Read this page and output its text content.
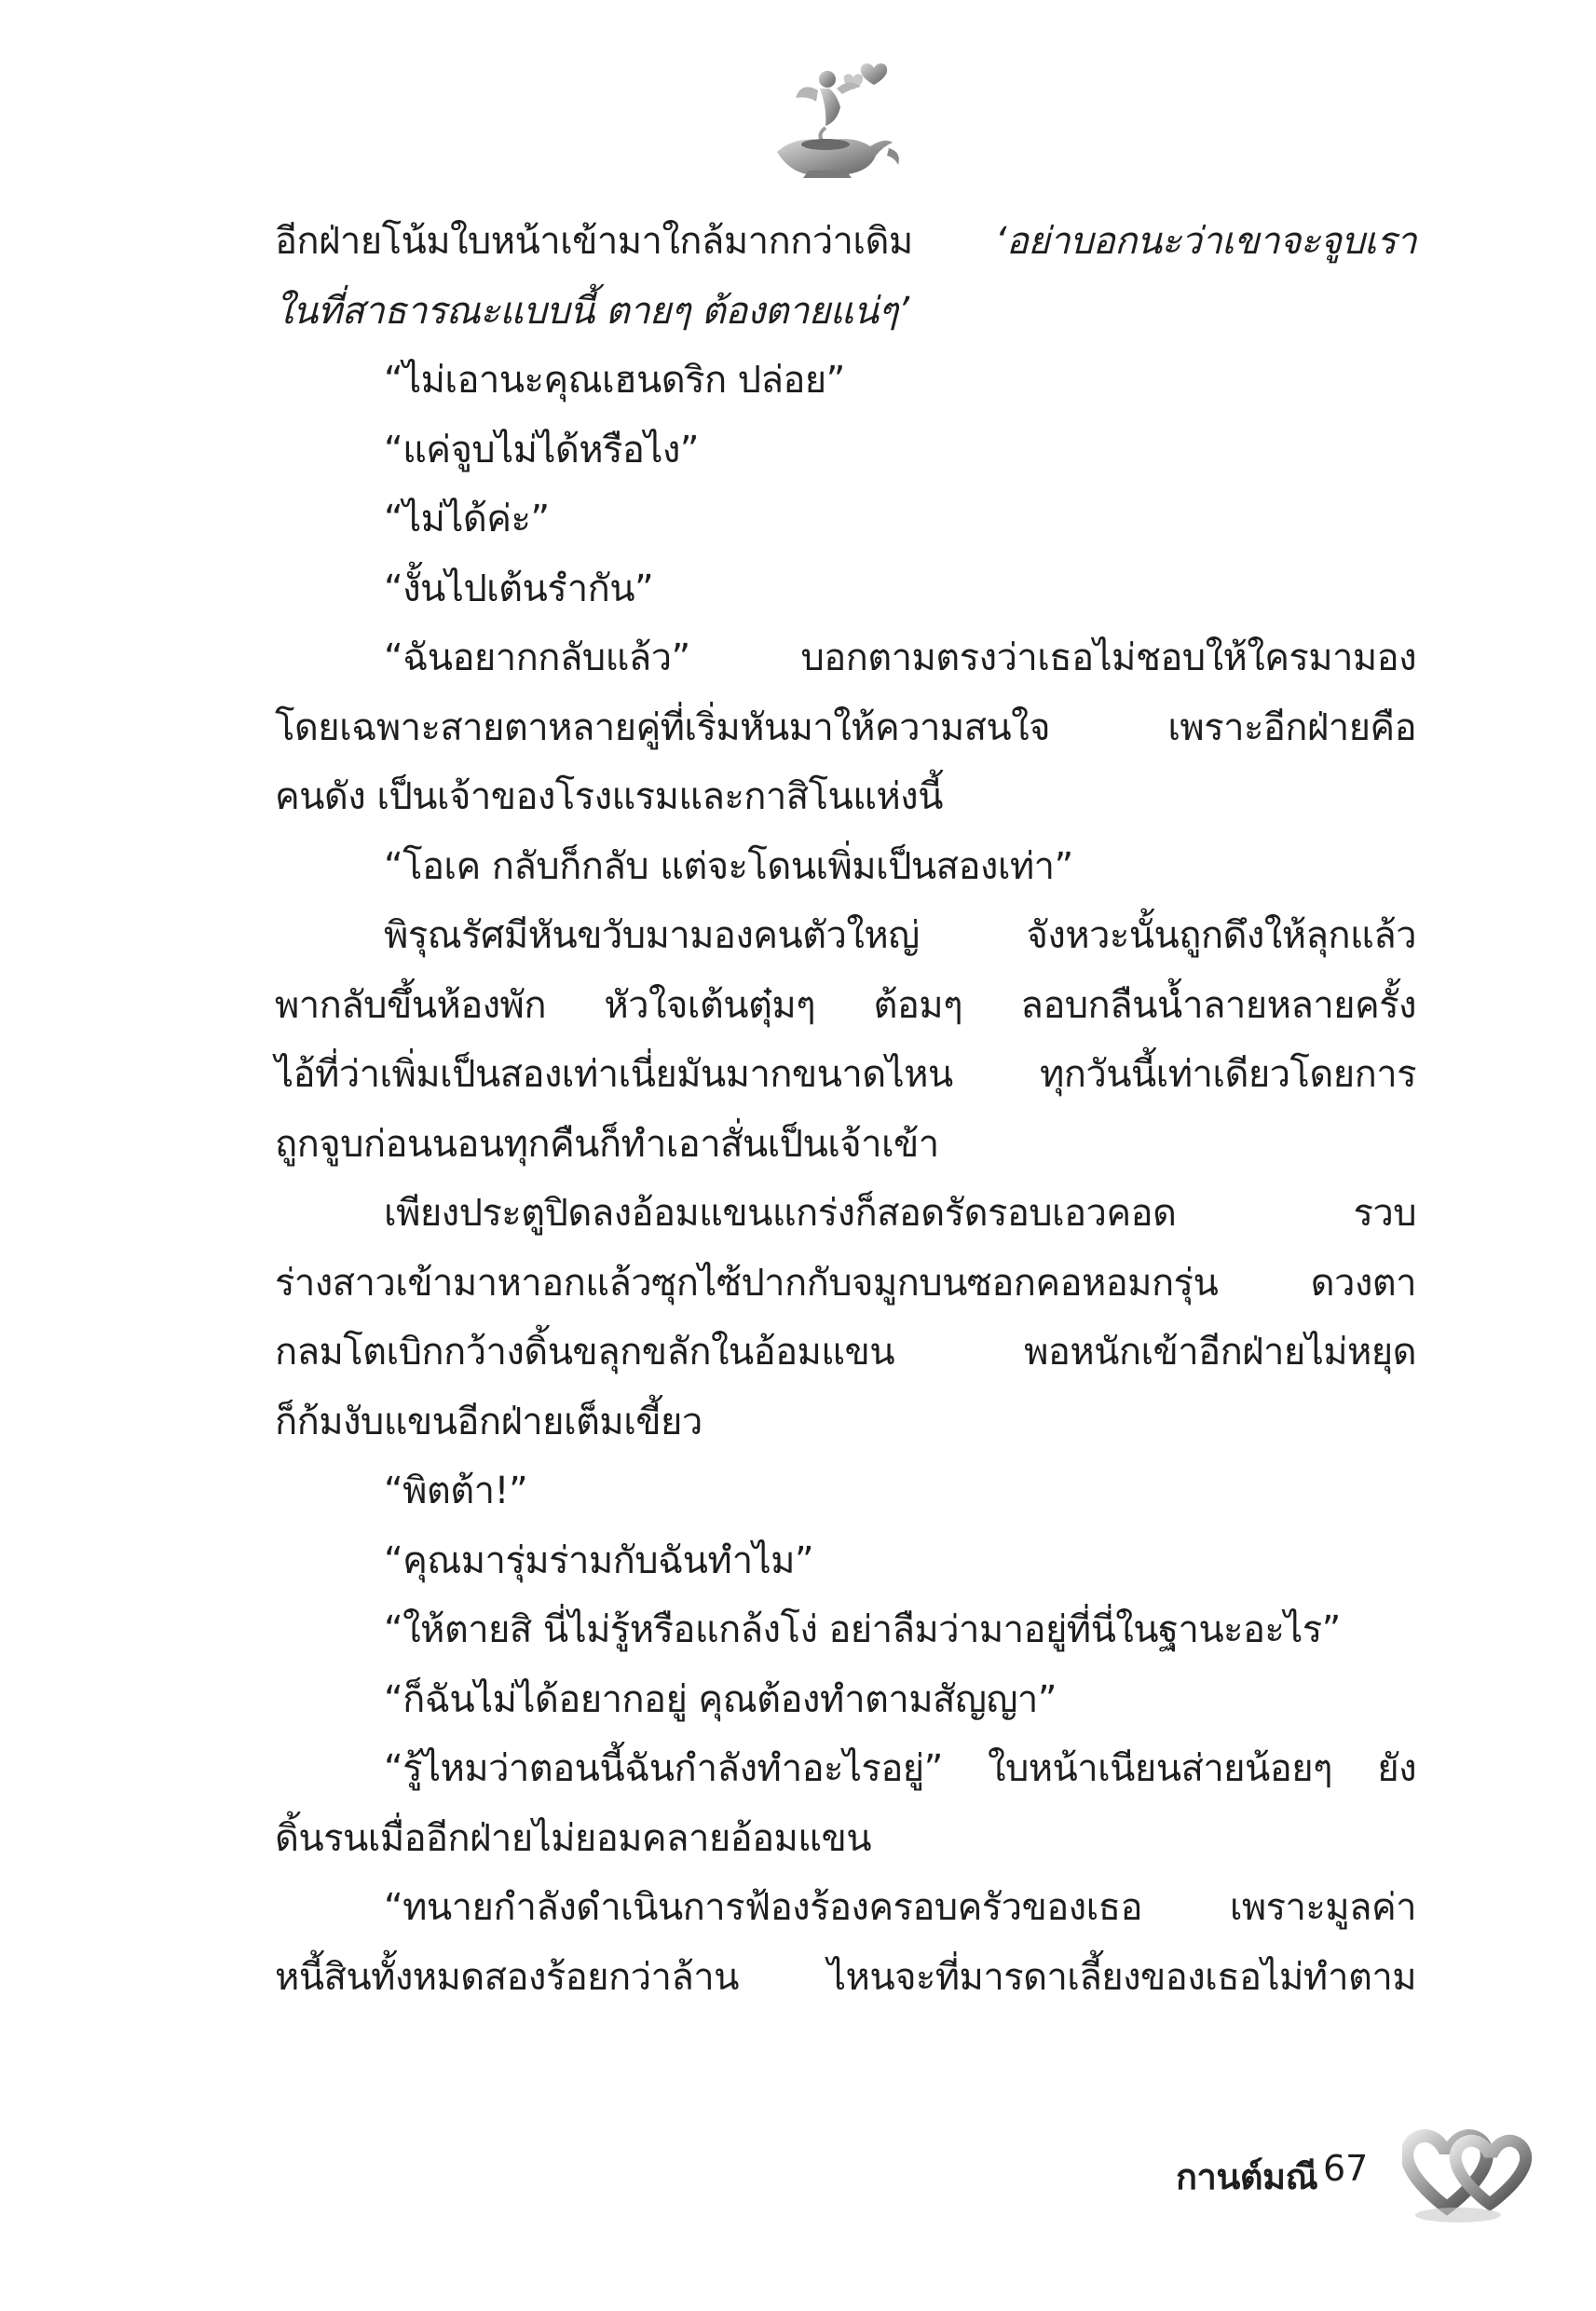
อีกฝ่ายโน้มใบหน้าเข้ามาใกล้มากกว่าเดิม ‘อย่าบอกนะว่าเขาจะจูบเรา

ในที่สาธารณะแบบนี้ ตายๆ ต้องตายแน่ๆ’

“ไม่เอานะคุณเฮนดริก ปล่อย”

“แค่จูบไม่ได้หรือไง”

“ไม่ได้ค่ะ”

“งั้นไปเต้นรำกัน”

“ฉันอยากกลับแล้ว” บอกตามตรงว่าเธอไม่ชอบให้ใครมามอง

โดยเฉพาะสายตาหลายคู่ที่เริ่มหันมาให้ความสนใจ เพราะอีกฝ่ายคือ

คนดัง เป็นเจ้าของโรงแรมและกาสิโนแห่งนี้

“โอเค กลับก็กลับ แต่จะโดนเพิ่มเป็นสองเท่า”

พิรุณรัศมีหันขวับมามองคนตัวใหญ่ จังหวะนั้นถูกดึงให้ลุกแล้ว

พากลับขึ้นห้องพัก หัวใจเต้นตุ๋มๆ ต้อมๆ ลอบกลืนน้ำลายหลายครั้ง

ไอ้ที่ว่าเพิ่มเป็นสองเท่าเนี่ยมันมากขนาดไหน ทุกวันนี้เท่าเดียวโดยการ

ถูกจูบก่อนนอนทุกคืนก็ทำเอาสั่นเป็นเจ้าเข้า

เพียงประตูปิดลงอ้อมแขนแกร่งก็สอดรัดรอบเอวคอด รวบ

ร่างสาวเข้ามาหาอกแล้วซุกไซ้ปากกับจมูกบนซอกคอหอมกรุ่น ดวงตา

กลมโตเบิกกว้างดิ้นขลุกขลักในอ้อมแขน พอหนักเข้าอีกฝ่ายไม่หยุด

ก็ก้มงับแขนอีกฝ่ายเต็มเขี้ยว

“พิตต้า!”

“คุณมารุ่มร่ามกับฉันทำไม”

“ให้ตายสิ นี่ไม่รู้หรือแกล้งโง่ อย่าลืมว่ามาอยู่ที่นี่ในฐานะอะไร”

“ก็ฉันไม่ได้อยากอยู่ คุณต้องทำตามสัญญา”

“รู้ไหมว่าตอนนี้ฉันกำลังทำอะไรอยู่” ใบหน้าเนียนส่ายน้อยๆ ยัง

ดิ้นรนเมื่ออีกฝ่ายไม่ยอมคลายอ้อมแขน

“ทนายกำลังดำเนินการฟ้องร้องครอบครัวของเธอ เพราะมูลค่า

หนี้สินทั้งหมดสองร้อยกว่าล้าน ไหนจะที่มารดาเลี้ยงของเธอไม่ทำตาม

กานต์มณี 67
